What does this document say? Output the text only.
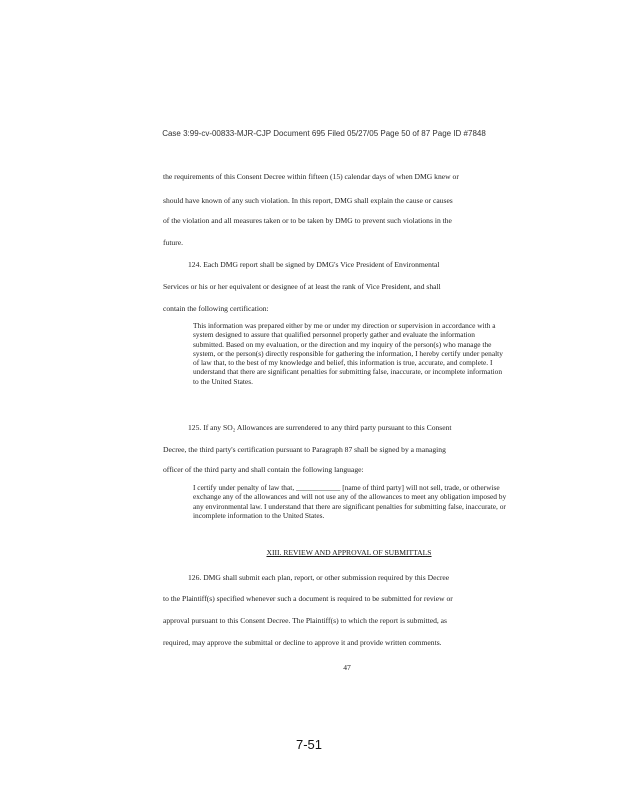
Case 3:99-cv-00833-MJR-CJP Document 695 Filed 05/27/05 Page 50 of 87 Page ID #7848
the requirements of this Consent Decree within fifteen (15) calendar days of when DMG knew or
should have known of any such violation. In this report, DMG shall explain the cause or causes
of the violation and all measures taken or to be taken by DMG to prevent such violations in the
future.
124. Each DMG report shall be signed by DMG's Vice President of Environmental
Services or his or her equivalent or designee of at least the rank of Vice President, and shall
contain the following certification:
This information was prepared either by me or under my direction or supervision in accordance with a system designed to assure that qualified personnel properly gather and evaluate the information submitted. Based on my evaluation, or the direction and my inquiry of the person(s) who manage the system, or the person(s) directly responsible for gathering the information, I hereby certify under penalty of law that, to the best of my knowledge and belief, this information is true, accurate, and complete. I understand that there are significant penalties for submitting false, inaccurate, or incomplete information to the United States.
125. If any SO₂ Allowances are surrendered to any third party pursuant to this Consent
Decree, the third party's certification pursuant to Paragraph 87 shall be signed by a managing
officer of the third party and shall contain the following language:
I certify under penalty of law that, ____________ [name of third party] will not sell, trade, or otherwise exchange any of the allowances and will not use any of the allowances to meet any obligation imposed by any environmental law. I understand that there are significant penalties for submitting false, inaccurate, or incomplete information to the United States.
XIII. REVIEW AND APPROVAL OF SUBMITTALS
126. DMG shall submit each plan, report, or other submission required by this Decree
to the Plaintiff(s) specified whenever such a document is required to be submitted for review or
approval pursuant to this Consent Decree. The Plaintiff(s) to which the report is submitted, as
required, may approve the submittal or decline to approve it and provide written comments.
47
7-51
